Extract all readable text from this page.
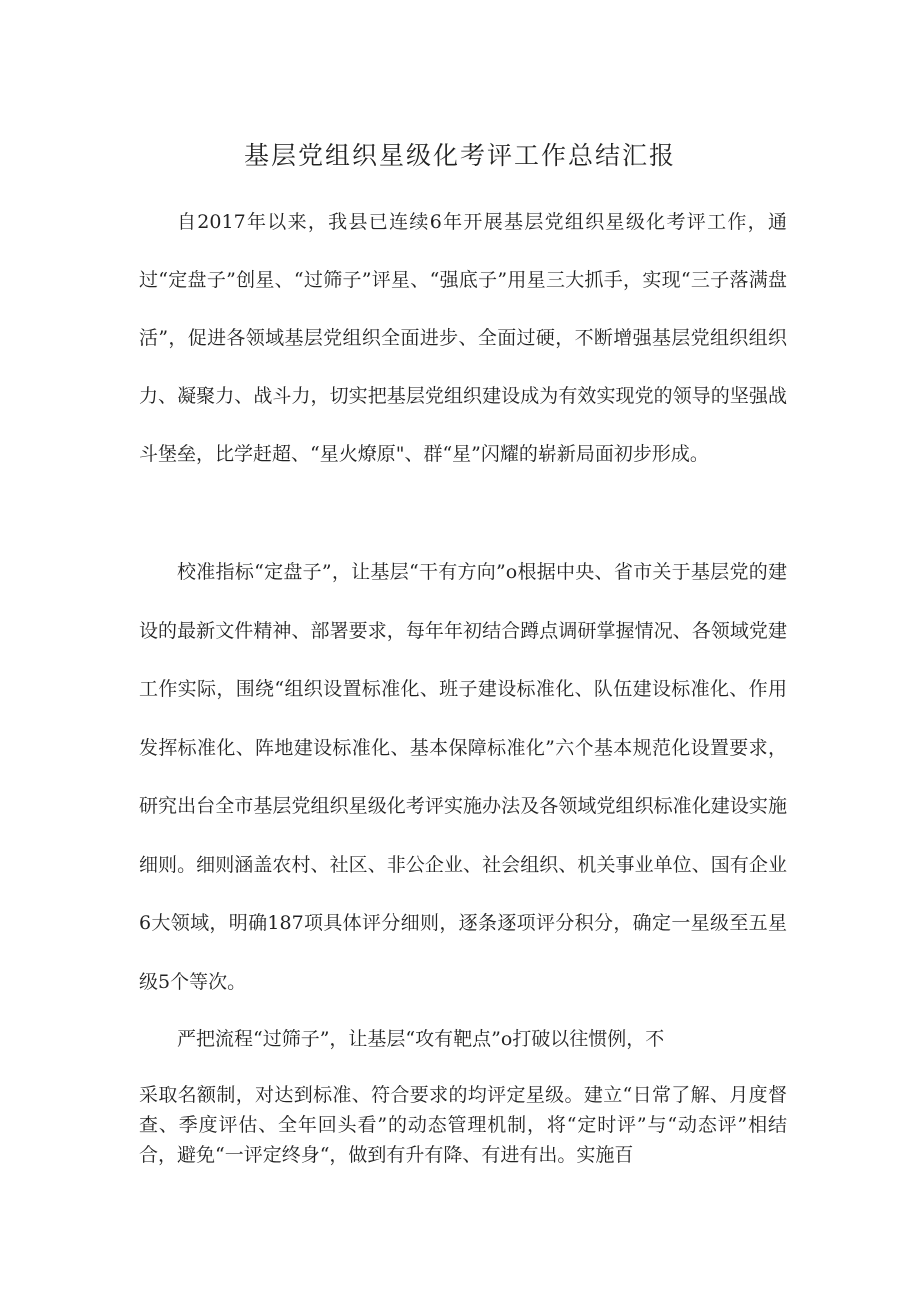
基层党组织星级化考评工作总结汇报

自2017年以来，我县已连续6年开展基层党组织星级化考评工作，通过“定盘子”创星、“过筛子”评星、“强底子”用星三大抓手，实现“三子落满盘活”，促进各领域基层党组织全面进步、全面过硬，不断增强基层党组织组织力、凝聚力、战斗力，切实把基层党组织建设成为有效实现党的领导的坚强战斗堡垒，比学赶超、“星火燎原"、群“星”闪耀的崭新局面初步形成。

校准指标“定盘子”，让基层“干有方向”o根据中央、省市关于基层党的建设的最新文件精神、部署要求，每年年初结合蹲点调研掌握情况、各领域党建工作实际，围绕“组织设置标准化、班子建设标准化、队伍建设标准化、作用发挥标准化、阵地建设标准化、基本保障标准化”六个基本规范化设置要求，研究出台全市基层党组织星级化考评实施办法及各领域党组织标准化建设实施细则。细则涵盖农村、社区、非公企业、社会组织、机关事业单位、国有企业6大领域，明确187项具体评分细则，逐条逐项评分积分，确定一星级至五星级5个等次。

严把流程“过筛子”，让基层“攻有靶点”o打破以往惯例，不

采取名额制，对达到标准、符合要求的均评定星级。建立“日常了解、月度督查、季度评估、全年回头看”的动态管理机制，将“定时评”与“动态评”相结合，避免“一评定终身“，做到有升有降、有进有出。实施百
